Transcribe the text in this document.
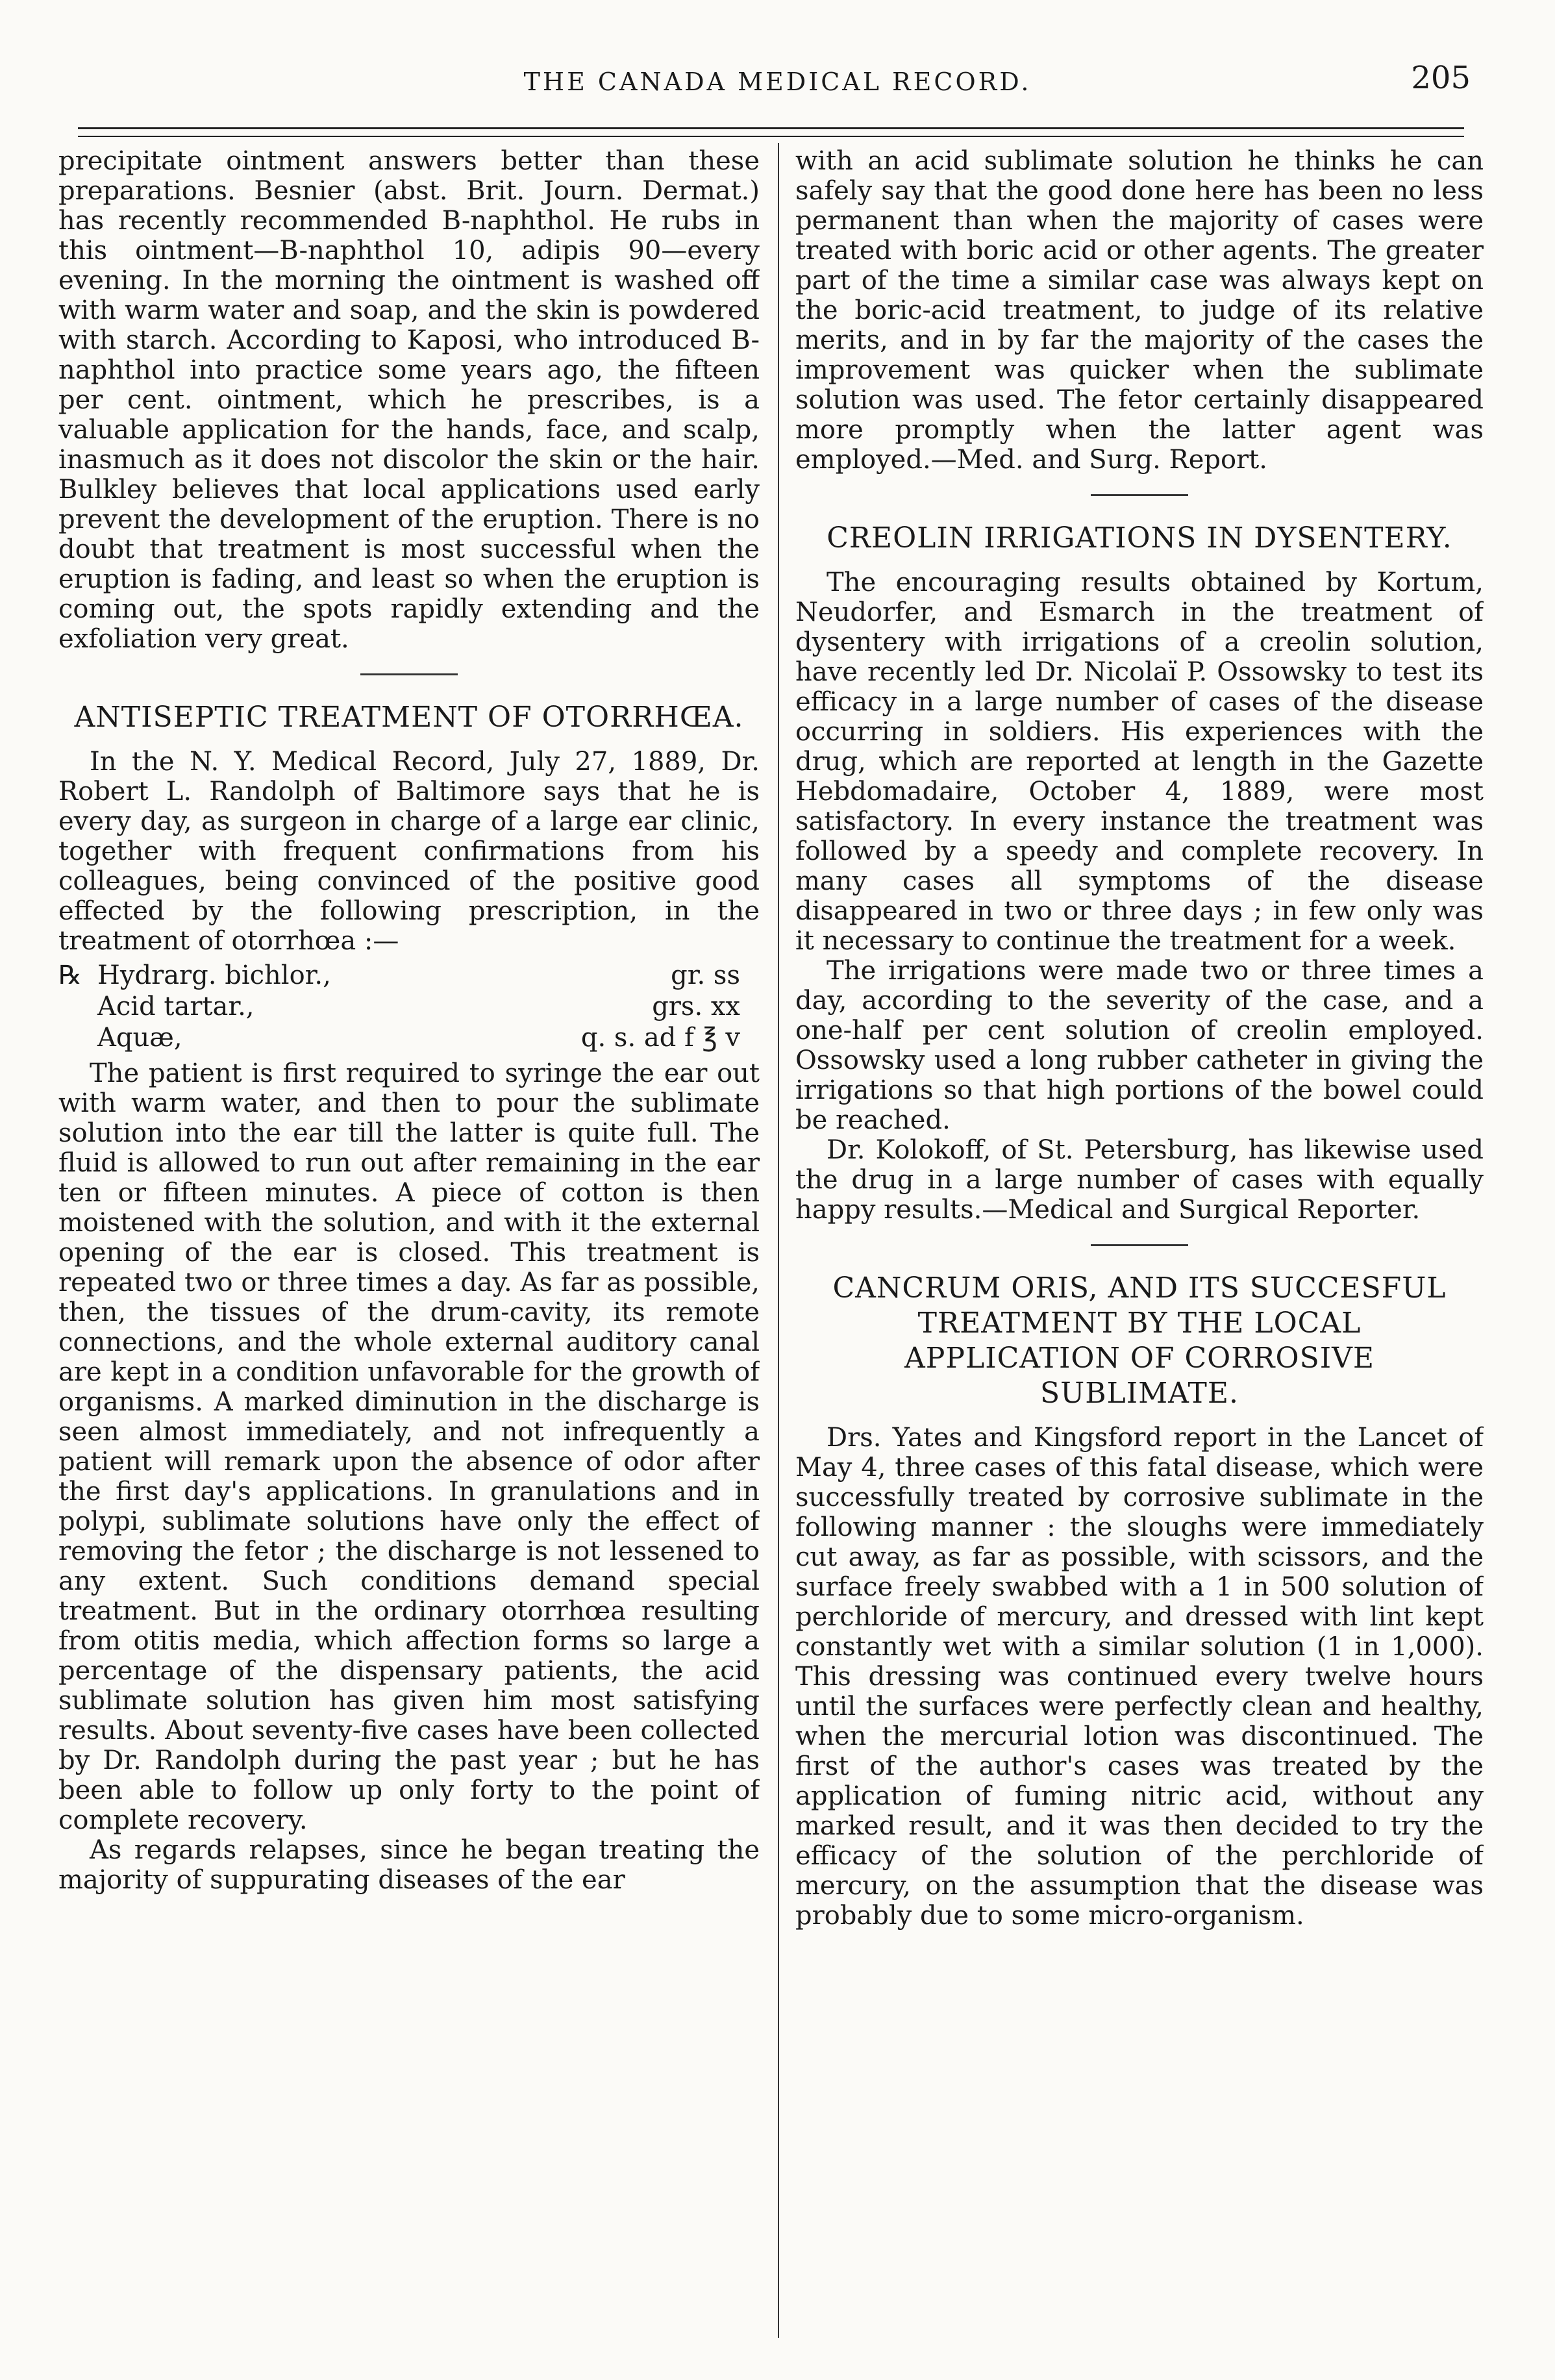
THE CANADA MEDICAL RECORD.	205

precipitate ointment answers better than these preparations. Besnier (abst. Brit. Journ. Dermat.) has recently recommended B-naphthol. He rubs in this ointment—B-naphthol 10, adipis 90—every evening. In the morning the ointment is washed off with warm water and soap, and the skin is powdered with starch. According to Kaposi, who introduced B-naphthol into practice some years ago, the fifteen per cent. ointment, which he prescribes, is a valuable application for the hands, face, and scalp, inasmuch as it does not discolor the skin or the hair. Bulkley believes that local applications used early prevent the development of the eruption. There is no doubt that treatment is most successful when the eruption is fading, and least so when the eruption is coming out, the spots rapidly extending and the exfoliation very great.

ANTISEPTIC TREATMENT OF OTORRHŒA.

In the N. Y. Medical Record, July 27, 1889, Dr. Robert L. Randolph of Baltimore says that he is every day, as surgeon in charge of a large ear clinic, together with frequent confirmations from his colleagues, being convinced of the positive good effected by the following prescription, in the treatment of otorrhœa :—

℞ Hydrarg. bichlor.,	gr. ss
Acid tartar.,	grs. xx
Aquæ,	q. s. ad f ℥ v

The patient is first required to syringe the ear out with warm water, and then to pour the sublimate solution into the ear till the latter is quite full. The fluid is allowed to run out after remaining in the ear ten or fifteen minutes. A piece of cotton is then moistened with the solution, and with it the external opening of the ear is closed. This treatment is repeated two or three times a day. As far as possible, then, the tissues of the drum-cavity, its remote connections, and the whole external auditory canal are kept in a condition unfavorable for the growth of organisms. A marked diminution in the discharge is seen almost immediately, and not infrequently a patient will remark upon the absence of odor after the first day's applications. In granulations and in polypi, sublimate solutions have only the effect of removing the fetor ; the discharge is not lessened to any extent. Such conditions demand special treatment. But in the ordinary otorrhœa resulting from otitis media, which affection forms so large a percentage of the dispensary patients, the acid sublimate solution has given him most satisfying results. About seventy-five cases have been collected by Dr. Randolph during the past year ; but he has been able to follow up only forty to the point of complete recovery.

As regards relapses, since he began treating the majority of suppurating diseases of the ear

with an acid sublimate solution he thinks he can safely say that the good done here has been no less permanent than when the majority of cases were treated with boric acid or other agents. The greater part of the time a similar case was always kept on the boric-acid treatment, to judge of its relative merits, and in by far the majority of the cases the improvement was quicker when the sublimate solution was used. The fetor certainly disappeared more promptly when the latter agent was employed.—Med. and Surg. Report.

CREOLIN IRRIGATIONS IN DYSENTERY.

The encouraging results obtained by Kortum, Neudorfer, and Esmarch in the treatment of dysentery with irrigations of a creolin solution, have recently led Dr. Nicolaï P. Ossowsky to test its efficacy in a large number of cases of the disease occurring in soldiers. His experiences with the drug, which are reported at length in the Gazette Hebdomadaire, October 4, 1889, were most satisfactory. In every instance the treatment was followed by a speedy and complete recovery. In many cases all symptoms of the disease disappeared in two or three days ; in few only was it necessary to continue the treatment for a week.

The irrigations were made two or three times a day, according to the severity of the case, and a one-half per cent solution of creolin employed. Ossowsky used a long rubber catheter in giving the irrigations so that high portions of the bowel could be reached.

Dr. Kolokoff, of St. Petersburg, has likewise used the drug in a large number of cases with equally happy results.—Medical and Surgical Reporter.

CANCRUM ORIS, AND ITS SUCCESFUL TREATMENT BY THE LOCAL APPLICATION OF CORROSIVE SUBLIMATE.

Drs. Yates and Kingsford report in the Lancet of May 4, three cases of this fatal disease, which were successfully treated by corrosive sublimate in the following manner : the sloughs were immediately cut away, as far as possible, with scissors, and the surface freely swabbed with a 1 in 500 solution of perchloride of mercury, and dressed with lint kept constantly wet with a similar solution (1 in 1,000). This dressing was continued every twelve hours until the surfaces were perfectly clean and healthy, when the mercurial lotion was discontinued. The first of the author's cases was treated by the application of fuming nitric acid, without any marked result, and it was then decided to try the efficacy of the solution of the perchloride of mercury, on the assumption that the disease was probably due to some micro-organism.
